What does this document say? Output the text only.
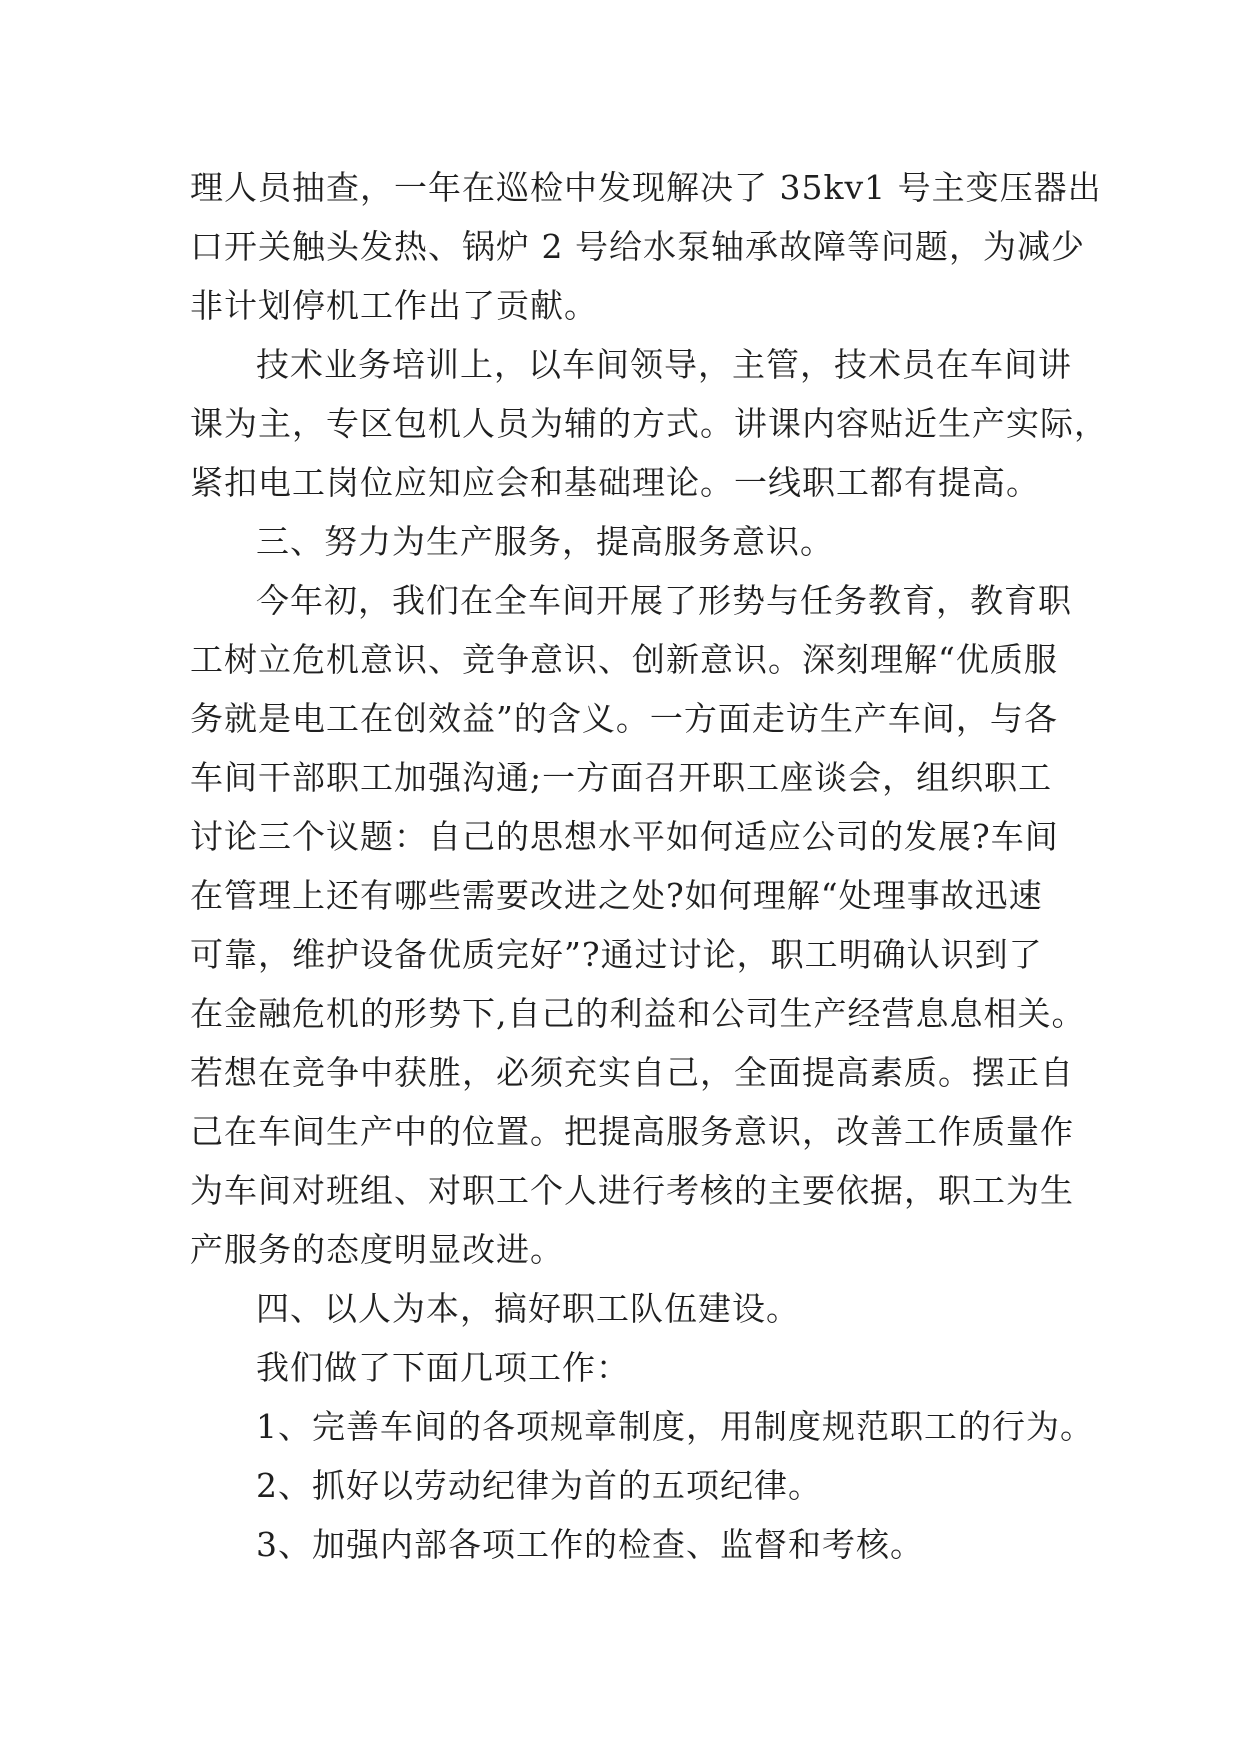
理人员抽查，一年在巡检中发现解决了 35kv1 号主变压器出
口开关触头发热、锅炉 2 号给水泵轴承故障等问题，为减少
非计划停机工作出了贡献。
技术业务培训上，以车间领导，主管，技术员在车间讲
课为主，专区包机人员为辅的方式。讲课内容贴近生产实际，
紧扣电工岗位应知应会和基础理论。一线职工都有提高。
三、努力为生产服务，提高服务意识。
今年初，我们在全车间开展了形势与任务教育，教育职
工树立危机意识、竞争意识、创新意识。深刻理解“优质服
务就是电工在创效益”的含义。一方面走访生产车间，与各
车间干部职工加强沟通;一方面召开职工座谈会，组织职工
讨论三个议题：自己的思想水平如何适应公司的发展?车间
在管理上还有哪些需要改进之处?如何理解“处理事故迅速
可靠，维护设备优质完好”?通过讨论，职工明确认识到了
在金融危机的形势下,自己的利益和公司生产经营息息相关。
若想在竞争中获胜，必须充实自己，全面提高素质。摆正自
己在车间生产中的位置。把提高服务意识，改善工作质量作
为车间对班组、对职工个人进行考核的主要依据，职工为生
产服务的态度明显改进。
四、以人为本，搞好职工队伍建设。
我们做了下面几项工作：
1、完善车间的各项规章制度，用制度规范职工的行为。
2、抓好以劳动纪律为首的五项纪律。
3、加强内部各项工作的检查、监督和考核。
